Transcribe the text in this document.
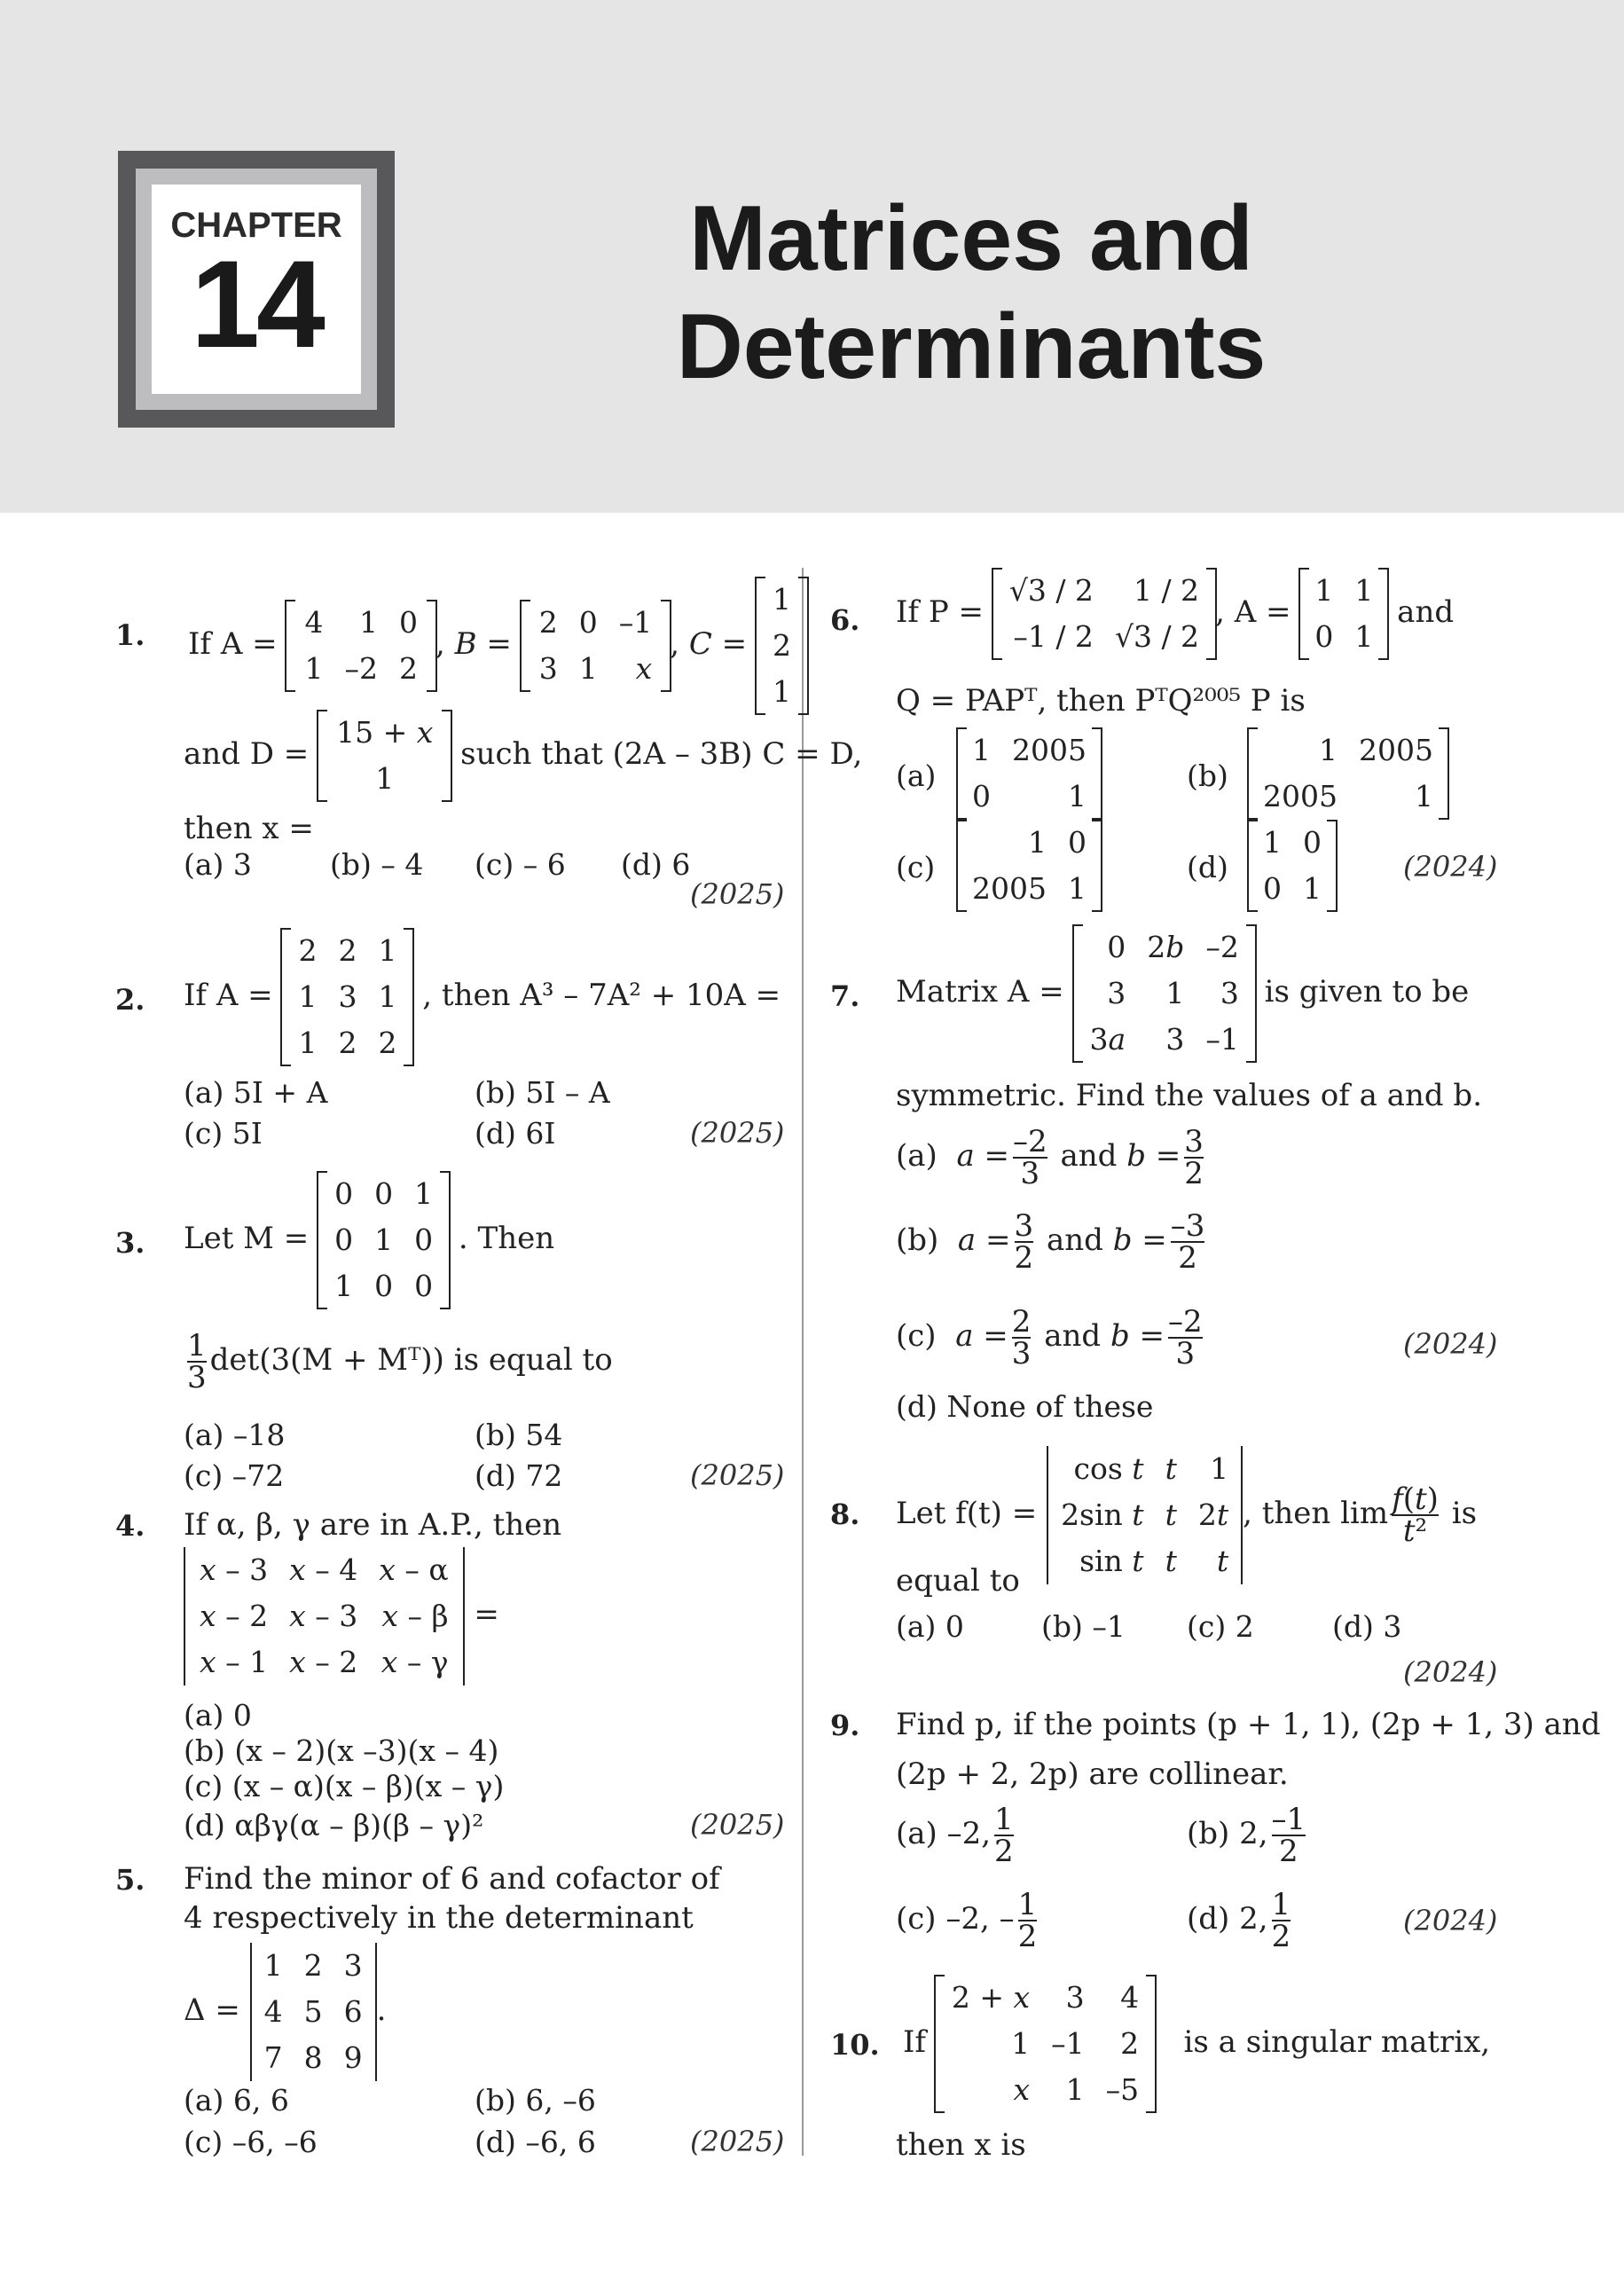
CHAPTER
14	Matrices and
Determinants
1. If A =
4	1	0
1	–2	2
, B =
2	0	–1
3	1	x
, C =
1
2
1
and D =
15 + x
1
such that (2A – 3B) C = D,
then x =
(a) 3	(b) – 4 (c) – 6 (d) 6
(2025)
2. If A =
2	2	1
1	3	1
1	2	2
, then A³ – 7A² + 10A =
(a) 5I + A	(b) 5I – A
(c) 5I	(d) 6I	(2025)
3. Let M =
0	0	1
0	1	0
1	0	0
. Then
$\frac{1}{3} \det(3(M$ + Mᵀ)) is equal to
(a) –18	(b) 54
(c) –72	(d) 72	(2025)
4. If α, β, γ are in A.P., then
x – 3	x – 4	x – α
x – 2	x – 3	x – β
x – 1	x – 2	x – γ
=
(a) 0
(b) (x – 2)(x –3)(x – 4)
(c) (x – α)(x – β)(x – γ)
(d) αβγ(α – β)(β – γ)²	(2025)
5. Find the minor of 6 and cofactor of
4 respectively in the determinant
Δ =
1	2	3
4	5	6
7	8	9
.
(a) 6, 6	(b) 6, –6
(c) –6, –6	(d) –6, 6	(2025)
6. If P =
√3 / 2	1 / 2
–1 / 2	√3 / 2
, A =
1	1
0	1
and
Q = PAPᵀ, then PᵀQ²⁰⁰⁵ P is
(a)
1	2005
0	1
(b)
1	2005
2005	1
(c)
1	0
2005	1
(d)
1	0
0	1
(2024)
7. Matrix A =
0	2b	–2
3	1	3
3a	3	–1
is given to be
symmetric. Find the values of a and b.
(a) $a = \frac{-2}{3}$ and $b = \frac{3}{2}$
(b) $a = \frac{3}{2}$ and $b = \frac{-3}{2}$
(c) $a = \frac{2}{3}$ and $b = \frac{-2}{3}$	(2024)
(d) None of these
8. Let f(t) =
cos t	t	1
2sin t	t	2t
sin t	t	t
, then $\lim \frac{f(t)}{\text{t²}}$ is
equal to
(a) 0	(b) –1 (c) 2	(d) 3
(2024)
9. Find p, if the points (p + 1, 1), (2p + 1, 3) and
(2p + 2, 2p) are collinear.
(a) –2, $\frac{1}{2}$	(b) 2, $\frac{-1}{2}$
(c) –2, – $\frac{1}{2}$	(d) 2, $\frac{1}{2}$	(2024)
10. If
2 + x	3	4
1	–1	2
x	1	–5
is a singular matrix,
then x is
